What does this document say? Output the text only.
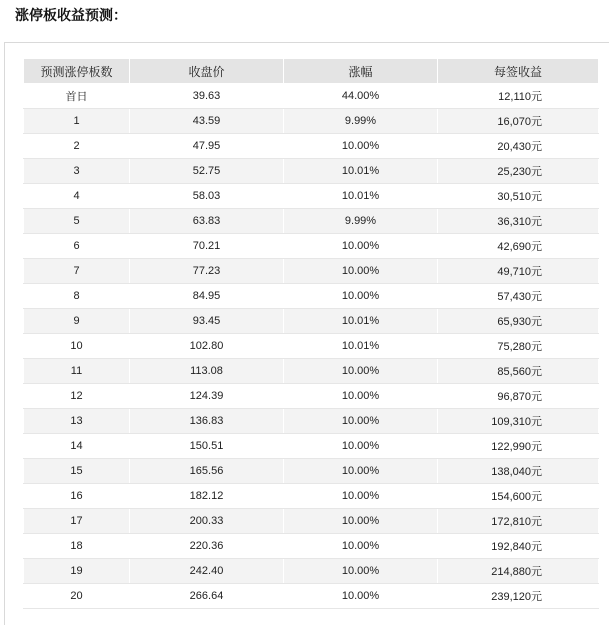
涨停板收益预测：
预测涨停板数	收盘价	涨幅	每签收益
首日	39.63	44.00%	12,110元
1	43.59	9.99%	16,070元
2	47.95	10.00%	20,430元
3	52.75	10.01%	25,230元
4	58.03	10.01%	30,510元
5	63.83	9.99%	36,310元
6	70.21	10.00%	42,690元
7	77.23	10.00%	49,710元
8	84.95	10.00%	57,430元
9	93.45	10.01%	65,930元
10	102.80	10.01%	75,280元
11	113.08	10.00%	85,560元
12	124.39	10.00%	96,870元
13	136.83	10.00%	109,310元
14	150.51	10.00%	122,990元
15	165.56	10.00%	138,040元
16	182.12	10.00%	154,600元
17	200.33	10.00%	172,810元
18	220.36	10.00%	192,840元
19	242.40	10.00%	214,880元
20	266.64	10.00%	239,120元
